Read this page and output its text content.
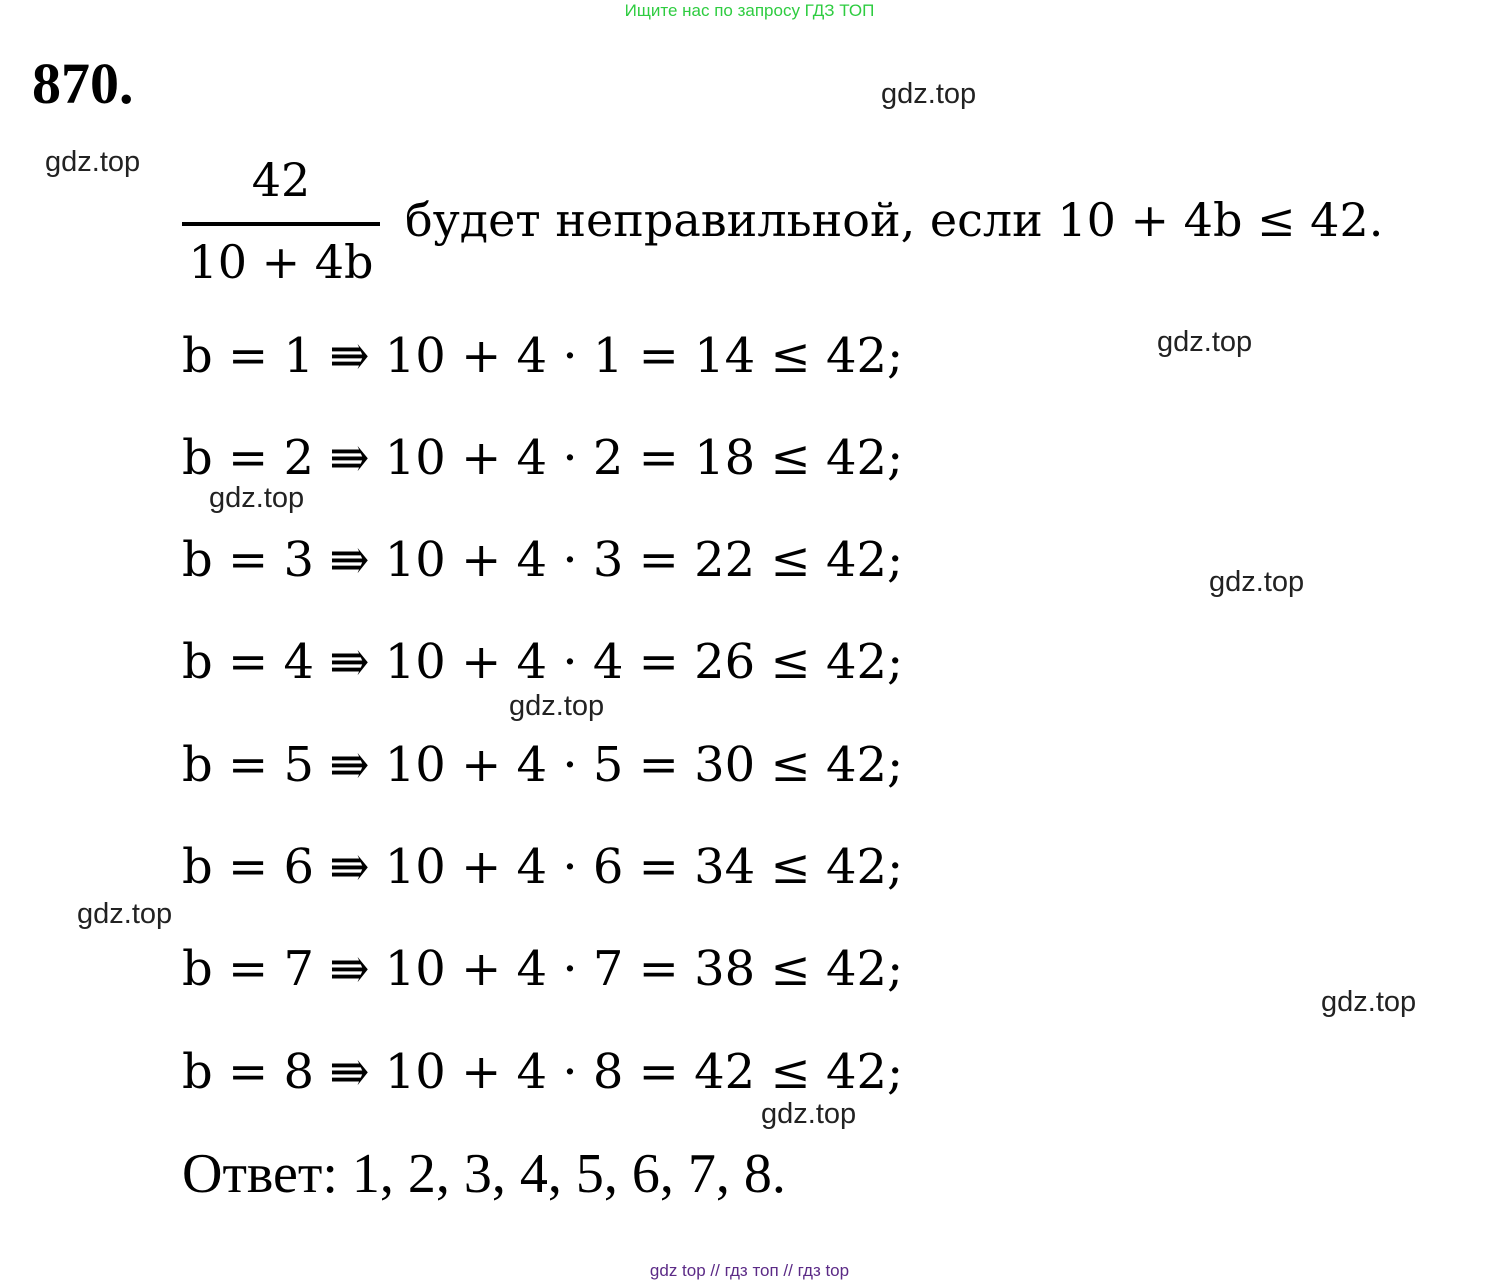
Ищите нас по запросу ГДЗ ТОП
870.
42
10 + 4b
будет неправильной, если 10 + 4b ≤ 42.
b = 1 ⇛ 10 + 4 · 1 = 14 ≤ 42;
b = 2 ⇛ 10 + 4 · 2 = 18 ≤ 42;
b = 3 ⇛ 10 + 4 · 3 = 22 ≤ 42;
b = 4 ⇛ 10 + 4 · 4 = 26 ≤ 42;
b = 5 ⇛ 10 + 4 · 5 = 30 ≤ 42;
b = 6 ⇛ 10 + 4 · 6 = 34 ≤ 42;
b = 7 ⇛ 10 + 4 · 7 = 38 ≤ 42;
b = 8 ⇛ 10 + 4 · 8 = 42 ≤ 42;
Ответ: 1, 2, 3, 4, 5, 6, 7, 8.
gdz.top
gdz.top
gdz.top
gdz.top
gdz.top
gdz.top
gdz.top
gdz.top
gdz.top
gdz top // гдз топ // гдз top
